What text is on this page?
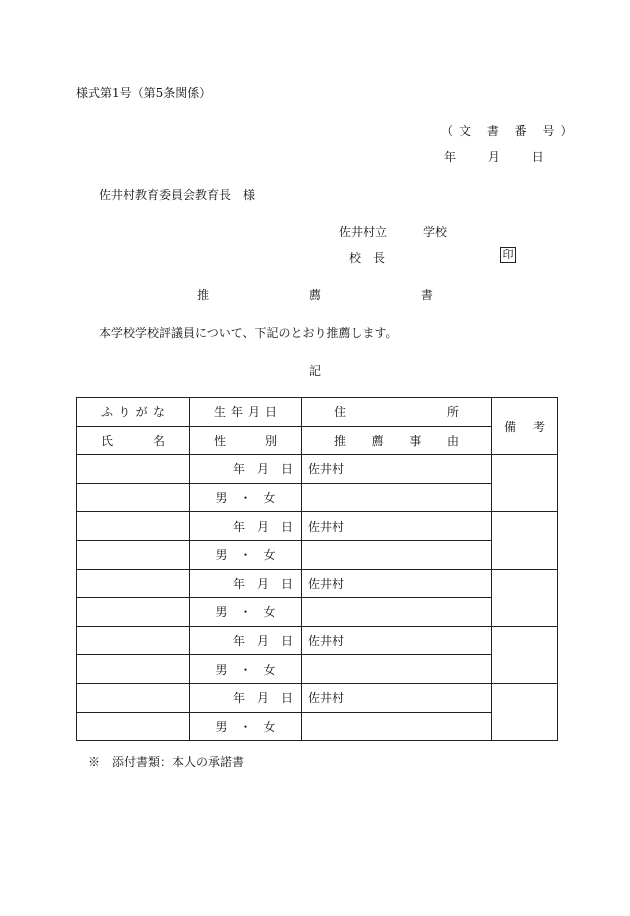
様式第1号（第5条関係）
（文 書 番 号）
年	月	日
佐井村教育委員会教育長　様
佐井村立　　　学校
校　長	印
推	薦	書
本学校学校評議員について、下記のとおり推薦します。
記
ふ り が な	生 年 月 日	住 所	備 考

氏 名	性 別	推 薦 事 由	

	年 月 日	佐井村	
	男　・　女		
	年 月 日	佐井村	
	男　・　女		
	年 月 日	佐井村	
	男　・　女		
	年 月 日	佐井村	
	男　・　女		
	年 月 日	佐井村	
	男　・　女		
※　添付書類：本人の承諾書
